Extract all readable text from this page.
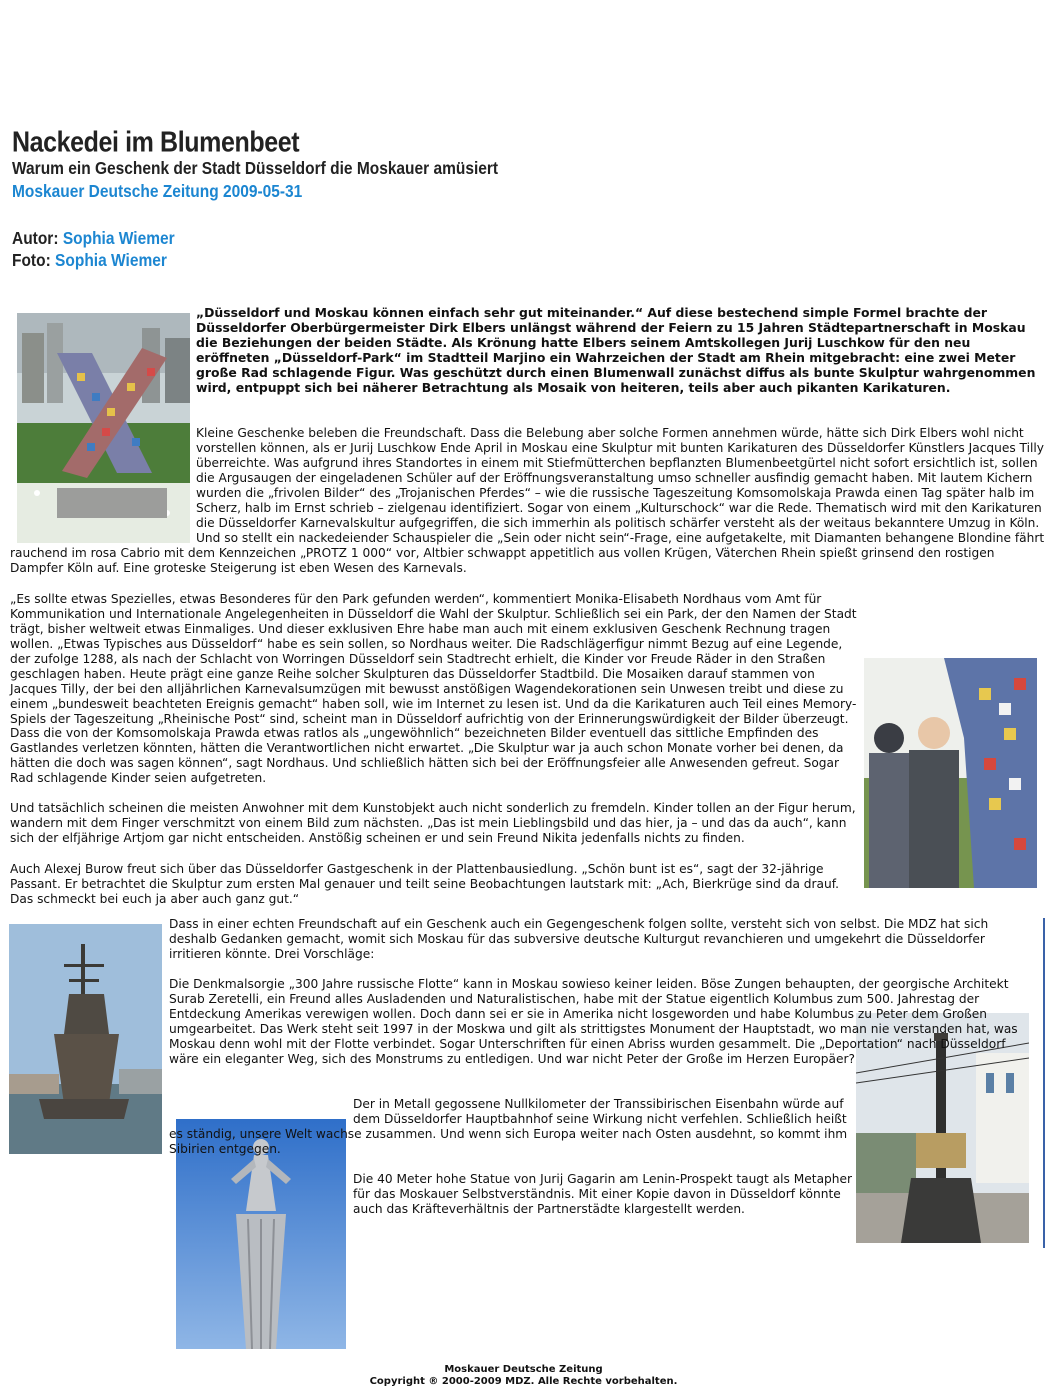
Nackedei im Blumenbeet
Warum ein Geschenk der Stadt Düsseldorf die Moskauer amüsiert
Moskauer Deutsche Zeitung 2009-05-31
Autor: Sophia Wiemer
Foto: Sophia Wiemer

„Düsseldorf und Moskau können einfach sehr gut miteinander.“ Auf diese bestechend simple Formel brachte der Düsseldorfer Oberbürgermeister Dirk Elbers unlängst während der Feiern zu 15 Jahren Städtepartnerschaft in Moskau die Beziehungen der beiden Städte. Als Krönung hatte Elbers seinem Amtskollegen Jurij Luschkow für den neu eröffneten „Düsseldorf-Park“ im Stadtteil Marjino ein Wahrzeichen der Stadt am Rhein mitgebracht: eine zwei Meter große Rad schlagende Figur. Was geschützt durch einen Blumenwall zunächst diffus als bunte Skulptur wahrgenommen wird, entpuppt sich bei näherer Betrachtung als Mosaik von heiteren, teils aber auch pikanten Karikaturen.

Kleine Geschenke beleben die Freundschaft. Dass die Belebung aber solche Formen annehmen würde, hätte sich Dirk Elbers wohl nicht vorstellen können, als er Jurij Luschkow Ende April in Moskau eine Skulptur mit bunten Karikaturen des Düsseldorfer Künstlers Jacques Tilly überreichte. Was aufgrund ihres Standortes in einem mit Stiefmütterchen bepflanzten Blumenbeetgürtel nicht sofort ersichtlich ist, sollen die Argusaugen der eingeladenen Schüler auf der Eröffnungsveranstaltung umso schneller ausfindig gemacht haben. Mit lautem Kichern wurden die „frivolen Bilder“ des „Trojanischen Pferdes“ – wie die russische Tageszeitung Komsomolskaja Prawda einen Tag später halb im Scherz, halb im Ernst schrieb – zielgenau identifiziert. Sogar von einem „Kulturschock“ war die Rede. Thematisch wird mit den Karikaturen die Düsseldorfer Karnevalskultur aufgegriffen, die sich immerhin als politisch schärfer versteht als der weitaus bekanntere Umzug in Köln. Und so stellt ein nackedeiender Schauspieler die „Sein oder nicht sein“-Frage, eine aufgetakelte, mit Diamanten behangene Blondine fährt rauchend im rosa Cabrio mit dem Kennzeichen „PROTZ 1 000“ vor, Altbier schwappt appetitlich aus vollen Krügen, Väterchen Rhein spießt grinsend den rostigen Dampfer Köln auf. Eine groteske Steigerung ist eben Wesen des Karnevals.

„Es sollte etwas Spezielles, etwas Besonderes für den Park gefunden werden“, kommentiert Monika-Elisabeth Nordhaus vom Amt für Kommunikation und Internationale Angelegenheiten in Düsseldorf die Wahl der Skulptur. Schließlich sei ein Park, der den Namen der Stadt trägt, bisher weltweit etwas Einmaliges. Und dieser exklusiven Ehre habe man auch mit einem exklusiven Geschenk Rechnung tragen wollen. „Etwas Typisches aus Düsseldorf“ habe es sein sollen, so Nordhaus weiter. Die Radschlägerfigur nimmt Bezug auf eine Legende, der zufolge 1288, als nach der Schlacht von Worringen Düsseldorf sein Stadtrecht erhielt, die Kinder vor Freude Räder in den Straßen geschlagen haben. Heute prägt eine ganze Reihe solcher Skulpturen das Düsseldorfer Stadtbild. Die Mosaiken darauf stammen von Jacques Tilly, der bei den alljährlichen Karnevalsumzügen mit bewusst anstößigen Wagendekorationen sein Unwesen treibt und diese zu einem „bundesweit beachteten Ereignis gemacht“ haben soll, wie im Internet zu lesen ist. Und da die Karikaturen auch Teil eines Memory-Spiels der Tageszeitung „Rheinische Post“ sind, scheint man in Düsseldorf aufrichtig von der Erinnerungswürdigkeit der Bilder überzeugt.

Dass die von der Komsomolskaja Prawda etwas ratlos als „ungewöhnlich“ bezeichneten Bilder eventuell das sittliche Empfinden des Gastlandes verletzen könnten, hätten die Verantwortlichen nicht erwartet. „Die Skulptur war ja auch schon Monate vorher bei denen, da hätten die doch was sagen können“, sagt Nordhaus. Und schließlich hätten sich bei der Eröffnungsfeier alle Anwesenden gefreut. Sogar Rad schlagende Kinder seien aufgetreten.

Und tatsächlich scheinen die meisten Anwohner mit dem Kunstobjekt auch nicht sonderlich zu fremdeln. Kinder tollen an der Figur herum, wandern mit dem Finger verschmitzt von einem Bild zum nächsten. „Das ist mein Lieblingsbild und das hier, ja – und das da auch“, kann sich der elfjährige Artjom gar nicht entscheiden. Anstößig scheinen er und sein Freund Nikita jedenfalls nichts zu finden.

Auch Alexej Burow freut sich über das Düsseldorfer Gastgeschenk in der Plattenbausiedlung. „Schön bunt ist es“, sagt der 32-jährige Passant. Er betrachtet die Skulptur zum ersten Mal genauer und teilt seine Beobachtungen lautstark mit: „Ach, Bierkrüge sind da drauf. Das schmeckt bei euch ja aber auch ganz gut.“

Dass in einer echten Freundschaft auf ein Geschenk auch ein Gegengeschenk folgen sollte, versteht sich von selbst. Die MDZ hat sich deshalb Gedanken gemacht, womit sich Moskau für das subversive deutsche Kulturgut revanchieren und umgekehrt die Düsseldorfer irritieren könnte. Drei Vorschläge:

Die Denkmalsorgie „300 Jahre russische Flotte“ kann in Moskau sowieso keiner leiden. Böse Zungen behaupten, der georgische Architekt Surab Zeretelli, ein Freund alles Ausladenden und Naturalistischen, habe mit der Statue eigentlich Kolumbus zum 500. Jahrestag der Entdeckung Amerikas verewigen wollen. Doch dann sei er sie in Amerika nicht losgeworden und habe Kolumbus zu Peter dem Großen umgearbeitet. Das Werk steht seit 1997 in der Moskwa und gilt als strittigstes Monument der Hauptstadt, wo man nie verstanden hat, was Moskau denn wohl mit der Flotte verbindet. Sogar Unterschriften für einen Abriss wurden gesammelt. Die „Deportation“ nach Düsseldorf wäre ein eleganter Weg, sich des Monstrums zu entledigen. Und war nicht Peter der Große im Herzen Europäer?

Der in Metall gegossene Nullkilometer der Transsibirischen Eisenbahn würde auf dem Düsseldorfer Hauptbahnhof seine Wirkung nicht verfehlen. Schließlich heißt es ständig, unsere Welt wachse zusammen. Und wenn sich Europa weiter nach Osten ausdehnt, so kommt ihm Sibirien entgegen.

Die 40 Meter hohe Statue von Jurij Gagarin am Lenin-Prospekt taugt als Metapher für das Moskauer Selbstverständnis. Mit einer Kopie davon in Düsseldorf könnte auch das Kräfteverhältnis der Partnerstädte klargestellt werden.

Moskauer Deutsche Zeitung
Copyright ® 2000-2009 MDZ. Alle Rechte vorbehalten.
